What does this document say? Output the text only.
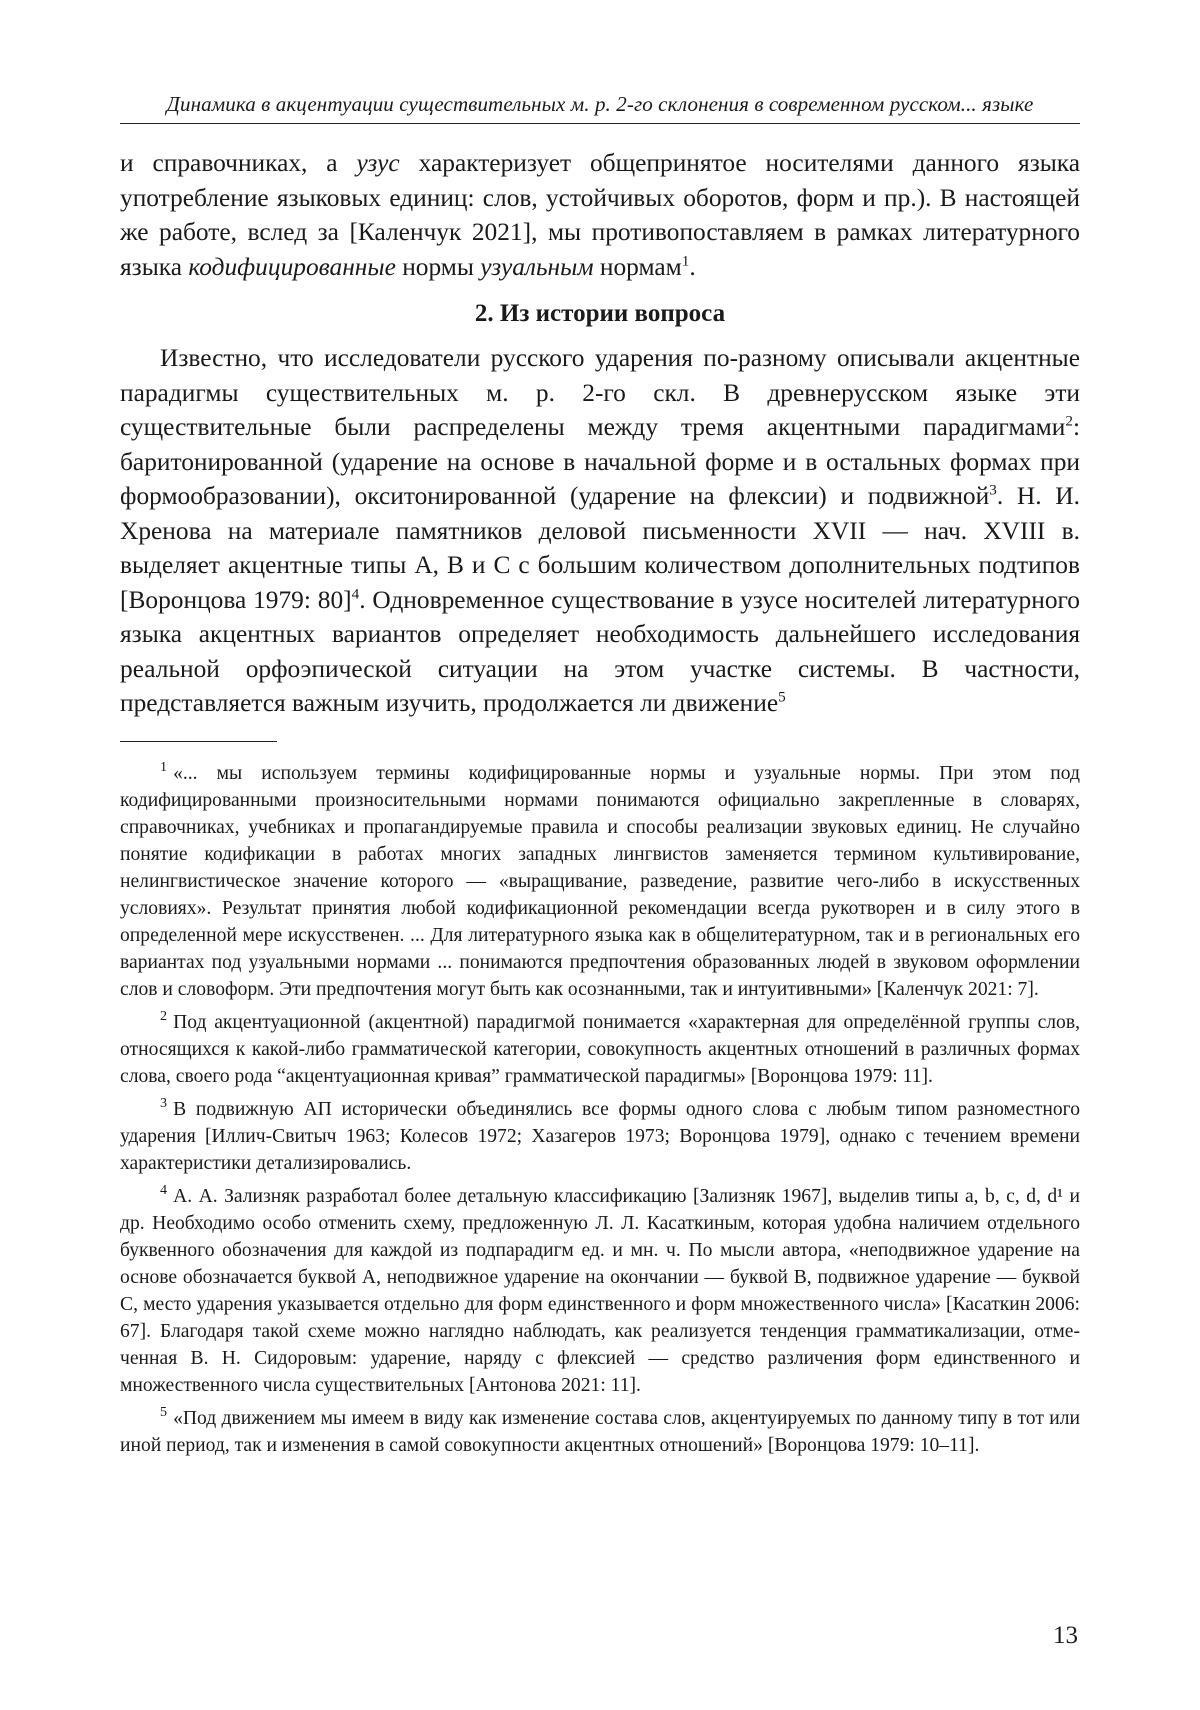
Динамика в акцентуации существительных м. р. 2-го склонения в современном русском... языке

и справочниках, а узус характеризует общепринятое носителями данного языка употребление языковых единиц: слов, устойчивых оборотов, форм и пр.). В настоящей же работе, вслед за [Каленчук 2021], мы противопоставляем в рамках литературного языка кодифицированные нормы узуальным нормам$^1$.

2. Из истории вопроса

Известно, что исследователи русского ударения по-разному описывали акцентные парадигмы существительных м. р. 2-го скл. В древнерусском языке эти существительные были распределены между тремя акцентными парадигмами$^2$: баритонированной (ударение на основе в начальной форме и в остальных формах при формообразовании), окситонированной (ударение на флексии) и подвижной$^3$. Н. И. Хренова на материале памятников деловой письменности XVII — нач. XVIII в. выделяет акцентные типы A, B и C с большим количеством дополнительных подтипов [Воронцова 1979: 80]$^4$. Одновременное существование в узусе носителей литературного языка акцентных вариантов определяет необходимость дальнейшего исследования реальной орфоэпической ситуации на этом участке системы. В частности, представляется важным изучить, продолжается ли движение$^5$

$^1$ «... мы используем термины кодифицированные нормы и узуальные нормы. При этом под кодифицированными произносительными нормами понимаются официально закрепленные в словарях, справочниках, учебниках и пропагандируемые правила и способы реализации звуковых единиц. Не случайно понятие кодификации в работах многих западных лингвистов заменяется термином культивирование, нелингвистическое значение которого — «выращивание, разведение, развитие чего-либо в искусственных условиях». Результат принятия любой кодификационной рекомендации всегда рукотворен и в силу этого в определенной мере искусственен. ... Для литературного языка как в общелитературном, так и в региональных его вариантах под узуальными нормами ... понимаются предпочтения образованных людей в звуковом оформлении слов и словоформ. Эти предпочтения могут быть как осознанными, так и интуитивными» [Каленчук 2021: 7].

$^2$ Под акцентуационной (акцентной) парадигмой понимается «характерная для определённой группы слов, относящихся к какой-либо грамматической категории, совокупность акцентных отношений в различных формах слова, своего рода “акцентуационная кривая” грамматической парадигмы» [Воронцова 1979: 11].

$^3$ В подвижную АП исторически объединялись все формы одного слова с любым типом разноместного ударения [Иллич-Свитыч 1963; Колесов 1972; Хазагеров 1973; Воронцова 1979], однако с течением времени характеристики детализировались.

$^4$ А. А. Зализняк разработал более детальную классификацию [Зализняк 1967], выделив типы a, b, c, d, d¹ и др. Необходимо особо отменить схему, предложенную Л. Л. Касаткиным, которая удобна наличием отдельного буквенного обозначения для каждой из подпарадигм ед. и мн. ч. По мысли автора, «неподвижное ударение на основе обозначается буквой A, неподвижное ударение на окончании — буквой B, подвижное ударение — буквой C, место ударения указывается отдельно для форм единственного и форм множественного числа» [Касаткин 2006: 67]. Благодаря такой схеме можно наглядно наблюдать, как реализуется тенденция грамматикализации, отмеченная В. Н. Сидоровым: ударение, наряду с флексией — средство различения форм единственного и множественного числа существительных [Антонова 2021: 11].

$^5$ «Под движением мы имеем в виду как изменение состава слов, акцентуируемых по данному типу в тот или иной период, так и изменения в самой совокупности акцентных отношений» [Воронцова 1979: 10–11].

13
